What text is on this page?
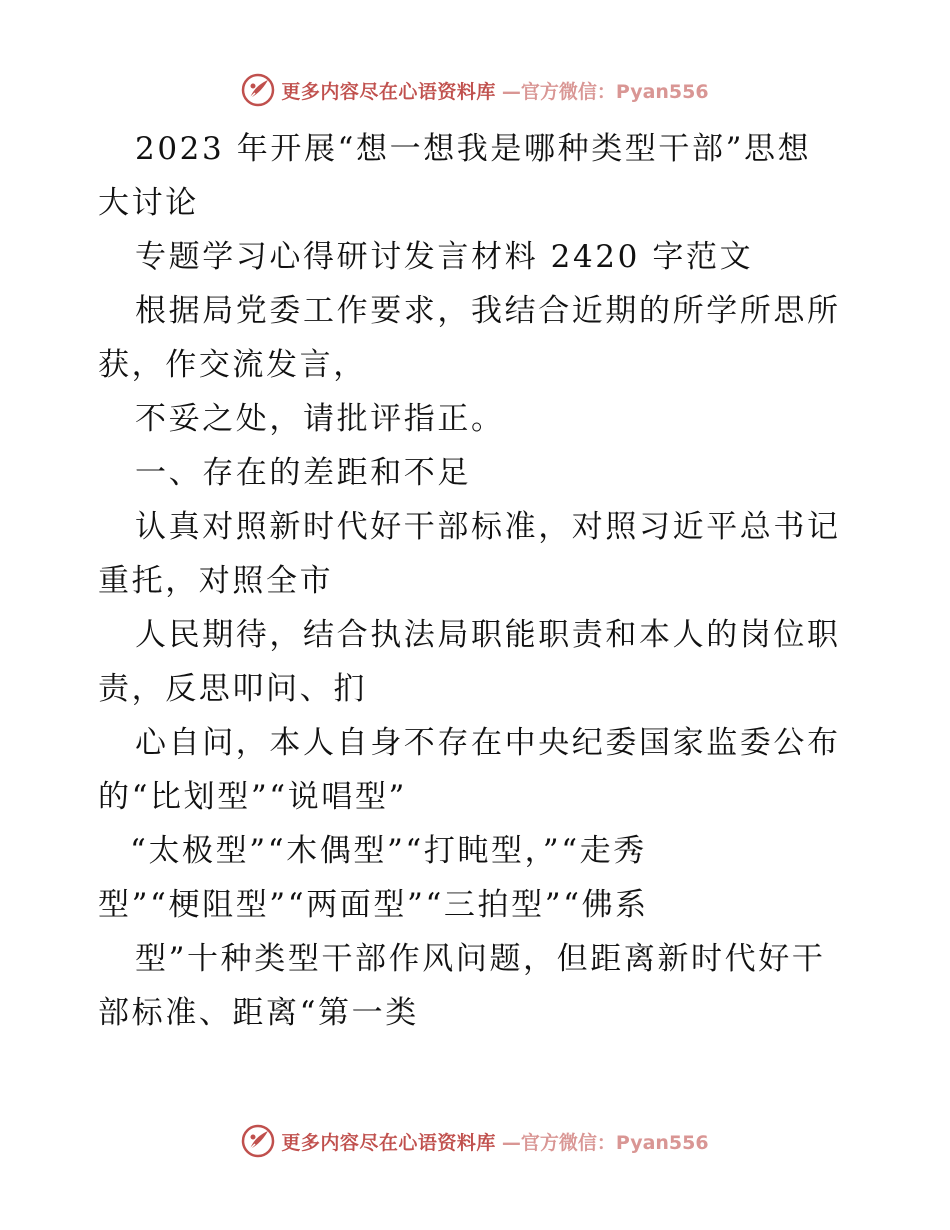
更多内容尽在心语资料库 —官方微信：Pyan556
2023 年开展“想一想我是哪种类型干部”思想
大讨论
专题学习心得研讨发言材料 2420 字范文
根据局党委工作要求，我结合近期的所学所思所
获，作交流发言，
不妥之处，请批评指正。
一、存在的差距和不足
认真对照新时代好干部标准，对照习近平总书记
重托，对照全市
人民期待，结合执法局职能职责和本人的岗位职
责，反思叩问、扪
心自问，本人自身不存在中央纪委国家监委公布
的“比划型”“说唱型”
“太极型”“木偶型”“打盹型，”“走秀
型”“梗阻型”“两面型”“三拍型”“佛系
型”十种类型干部作风问题，但距离新时代好干
部标准、距离“第一类
更多内容尽在心语资料库 —官方微信：Pyan556
